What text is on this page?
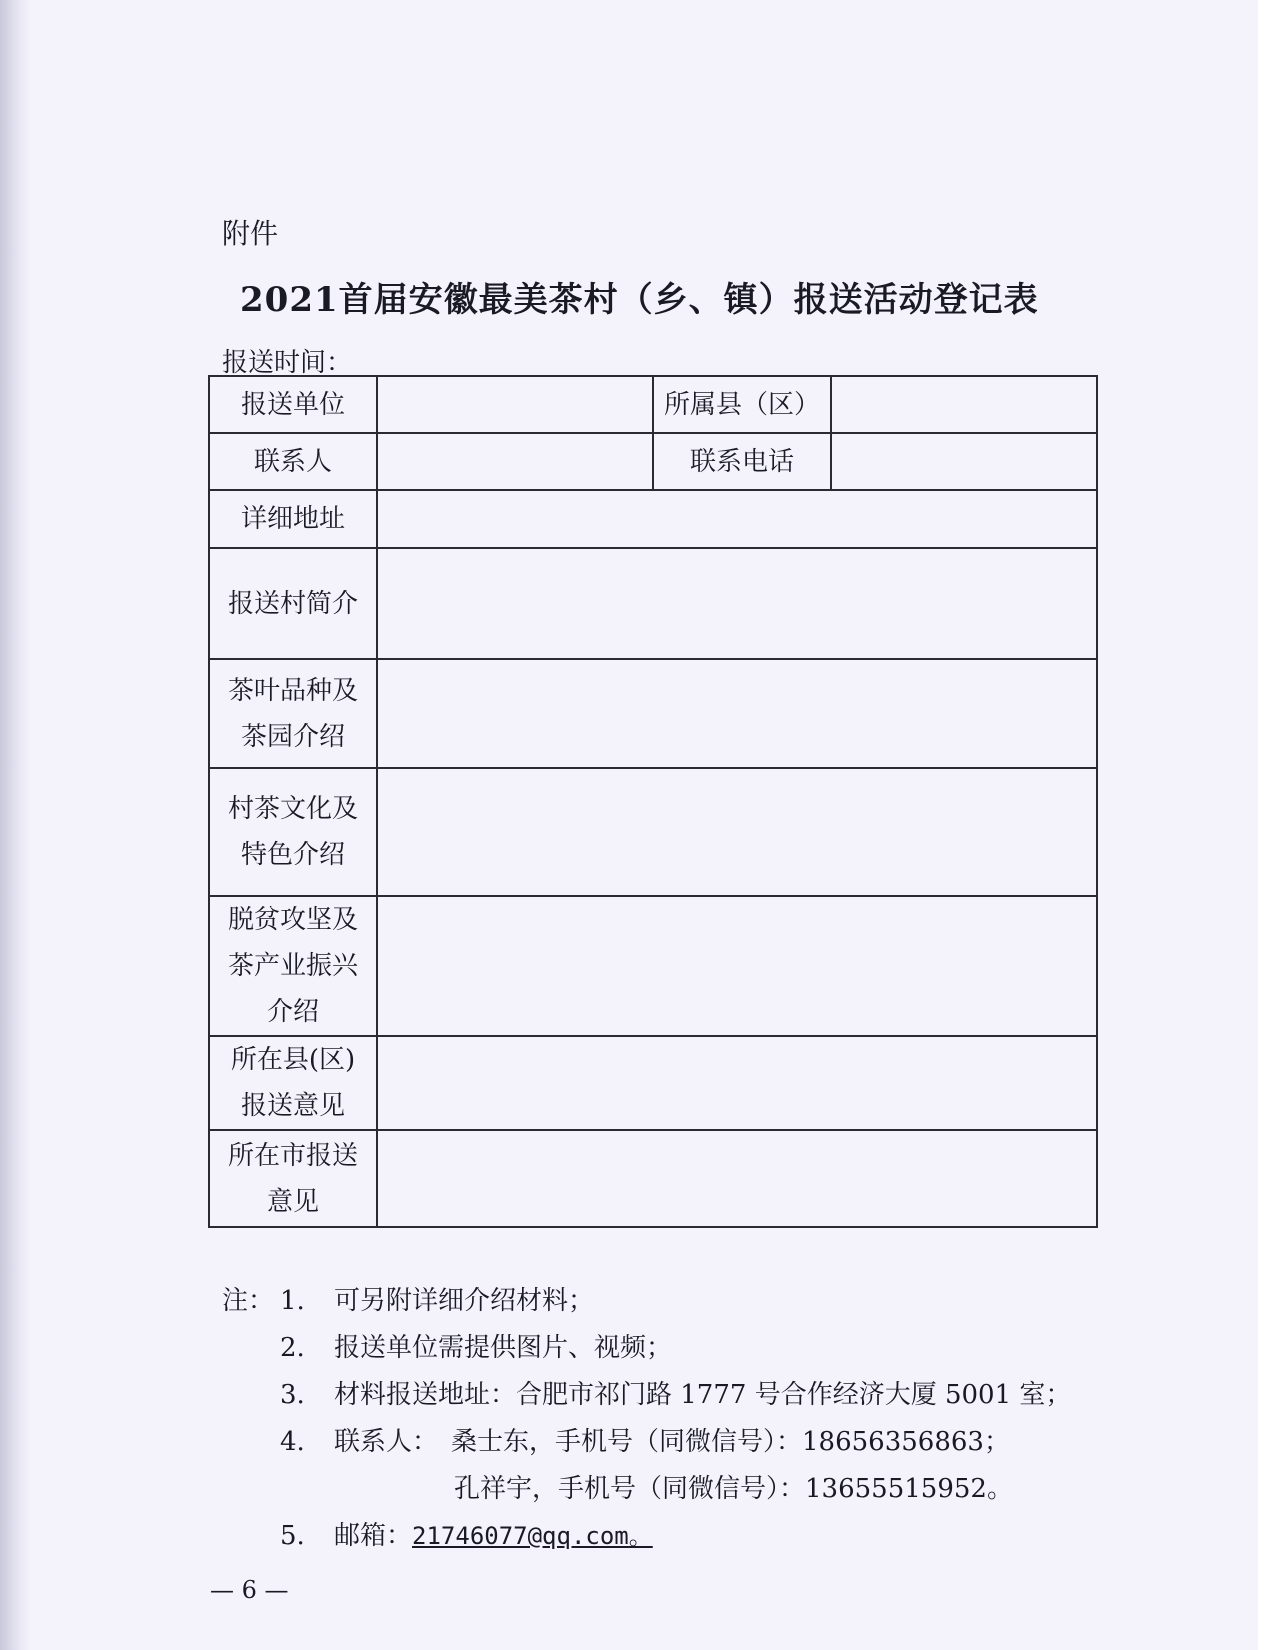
附件
2021首届安徽最美茶村（乡、镇）报送活动登记表
报送时间：
报送单位		所属县（区）	
联系人		联系电话	
详细地址			
报送村简介			

茶叶品种及
茶园介绍			

村茶文化及
特色介绍			

脱贫攻坚及
茶产业振兴
介绍			

所在县(区)
报送意见			

所在市报送
意见			

注： 1. 可另附详细介绍材料；
2. 报送单位需提供图片、视频；
3. 材料报送地址：合肥市祁门路 1777 号合作经济大厦 5001 室；
4. 联系人：　桑士东，手机号（同微信号）：18656356863；
孔祥宇，手机号（同微信号）：13655515952。
5. 邮箱：21746077@qq.com。
— 6 —
